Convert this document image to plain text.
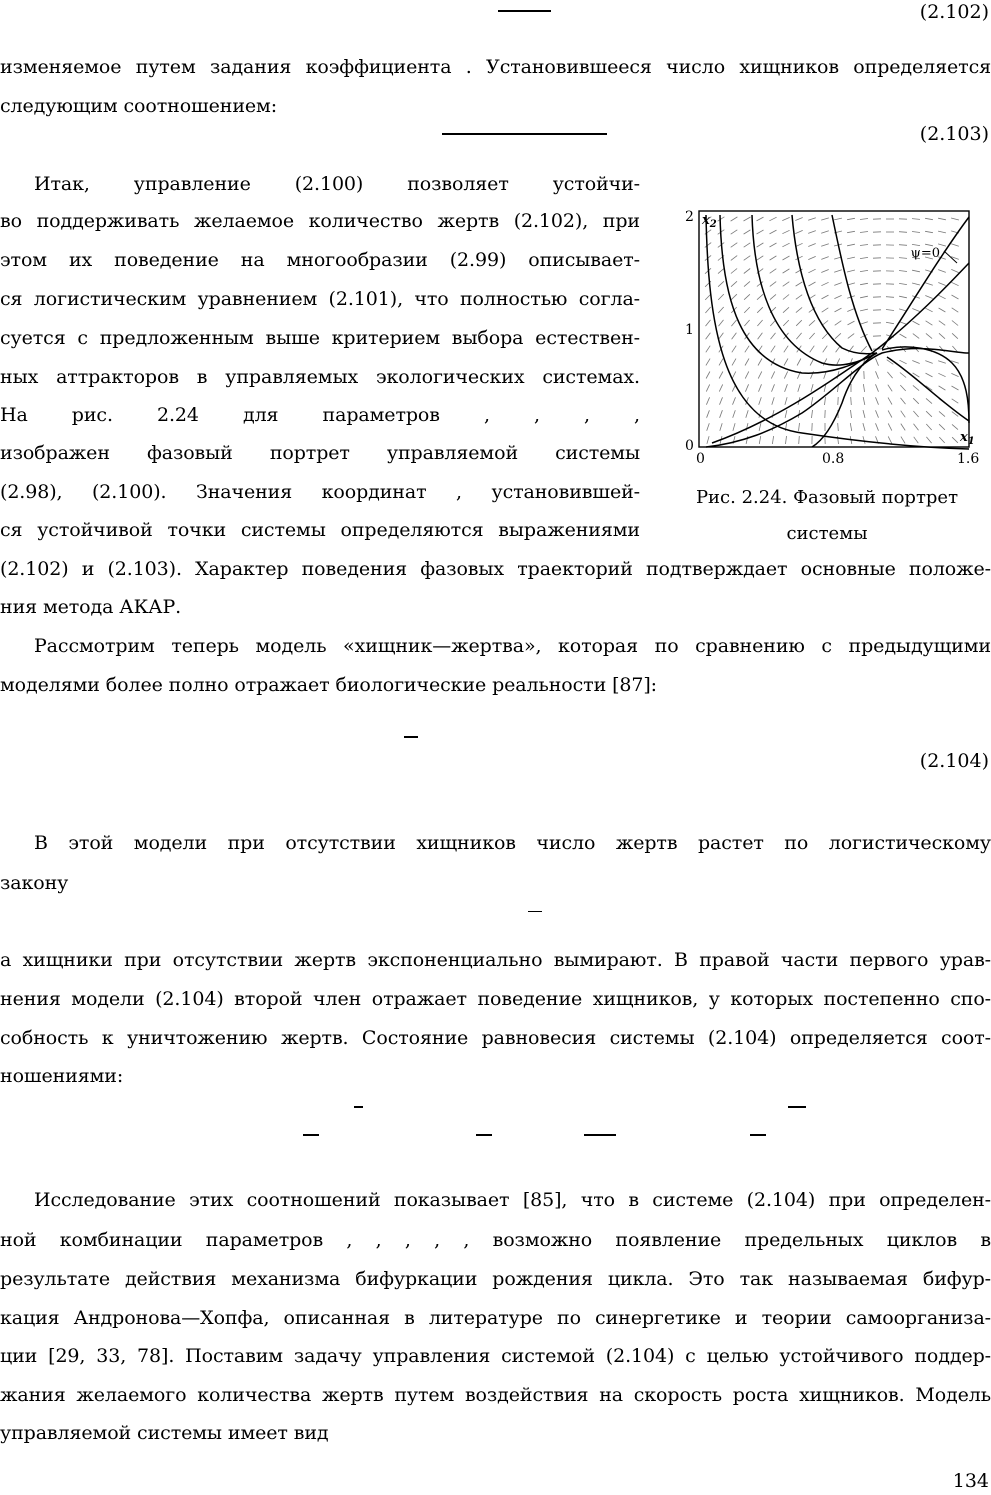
(2.102)
изменяемое путем задания коэффициента . Установившееся число хищников определяется
следующим соотношением:
(2.103)
Итак, управление (2.100) позволяет устойчи-
во поддерживать желаемое количество жертв (2.102), при
этом их поведение на многообразии (2.99) описывает-
ся логистическим уравнением (2.101), что полностью согла-
суется с предложенным выше критерием выбора естествен-
ных аттракторов в управляемых экологических системах.
На рис. 2.24 для параметров , , , ,
изображен фазовый портрет управляемой системы
(2.98), (2.100). Значения координат , установившей-
ся устойчивой точки системы определяются выражениями
(2.102) и (2.103). Характер поведения фазовых траекторий подтверждает основные положе-
ния метода АКАР.
ψ=0
$x_2$
$x_1$
2
1
0
0	0.8	1.6
Рис. 2.24. Фазовый портрет
системы
Рассмотрим теперь модель «хищник—жертва», которая по сравнению с предыдущими
моделями более полно отражает биологические реальности [87]:
(2.104)
В этой модели при отсутствии хищников число жертв растет по логистическому
закону
а хищники при отсутствии жертв экспоненциально вымирают. В правой части первого урав-
нения модели (2.104) второй член отражает поведение хищников, у которых постепенно спо-
собность к уничтожению жертв. Состояние равновесия системы (2.104) определяется соот-
ношениями:
Исследование этих соотношений показывает [85], что в системе (2.104) при определен-
ной комбинации параметров , , , , , возможно появление предельных циклов в
результате действия механизма бифуркации рождения цикла. Это так называемая бифур-
кация Андронова—Хопфа, описанная в литературе по синергетике и теории самоорганиза-
ции [29, 33, 78]. Поставим задачу управления системой (2.104) с целью устойчивого поддер-
жания желаемого количества жертв путем воздействия на скорость роста хищников. Модель
управляемой системы имеет вид
134
